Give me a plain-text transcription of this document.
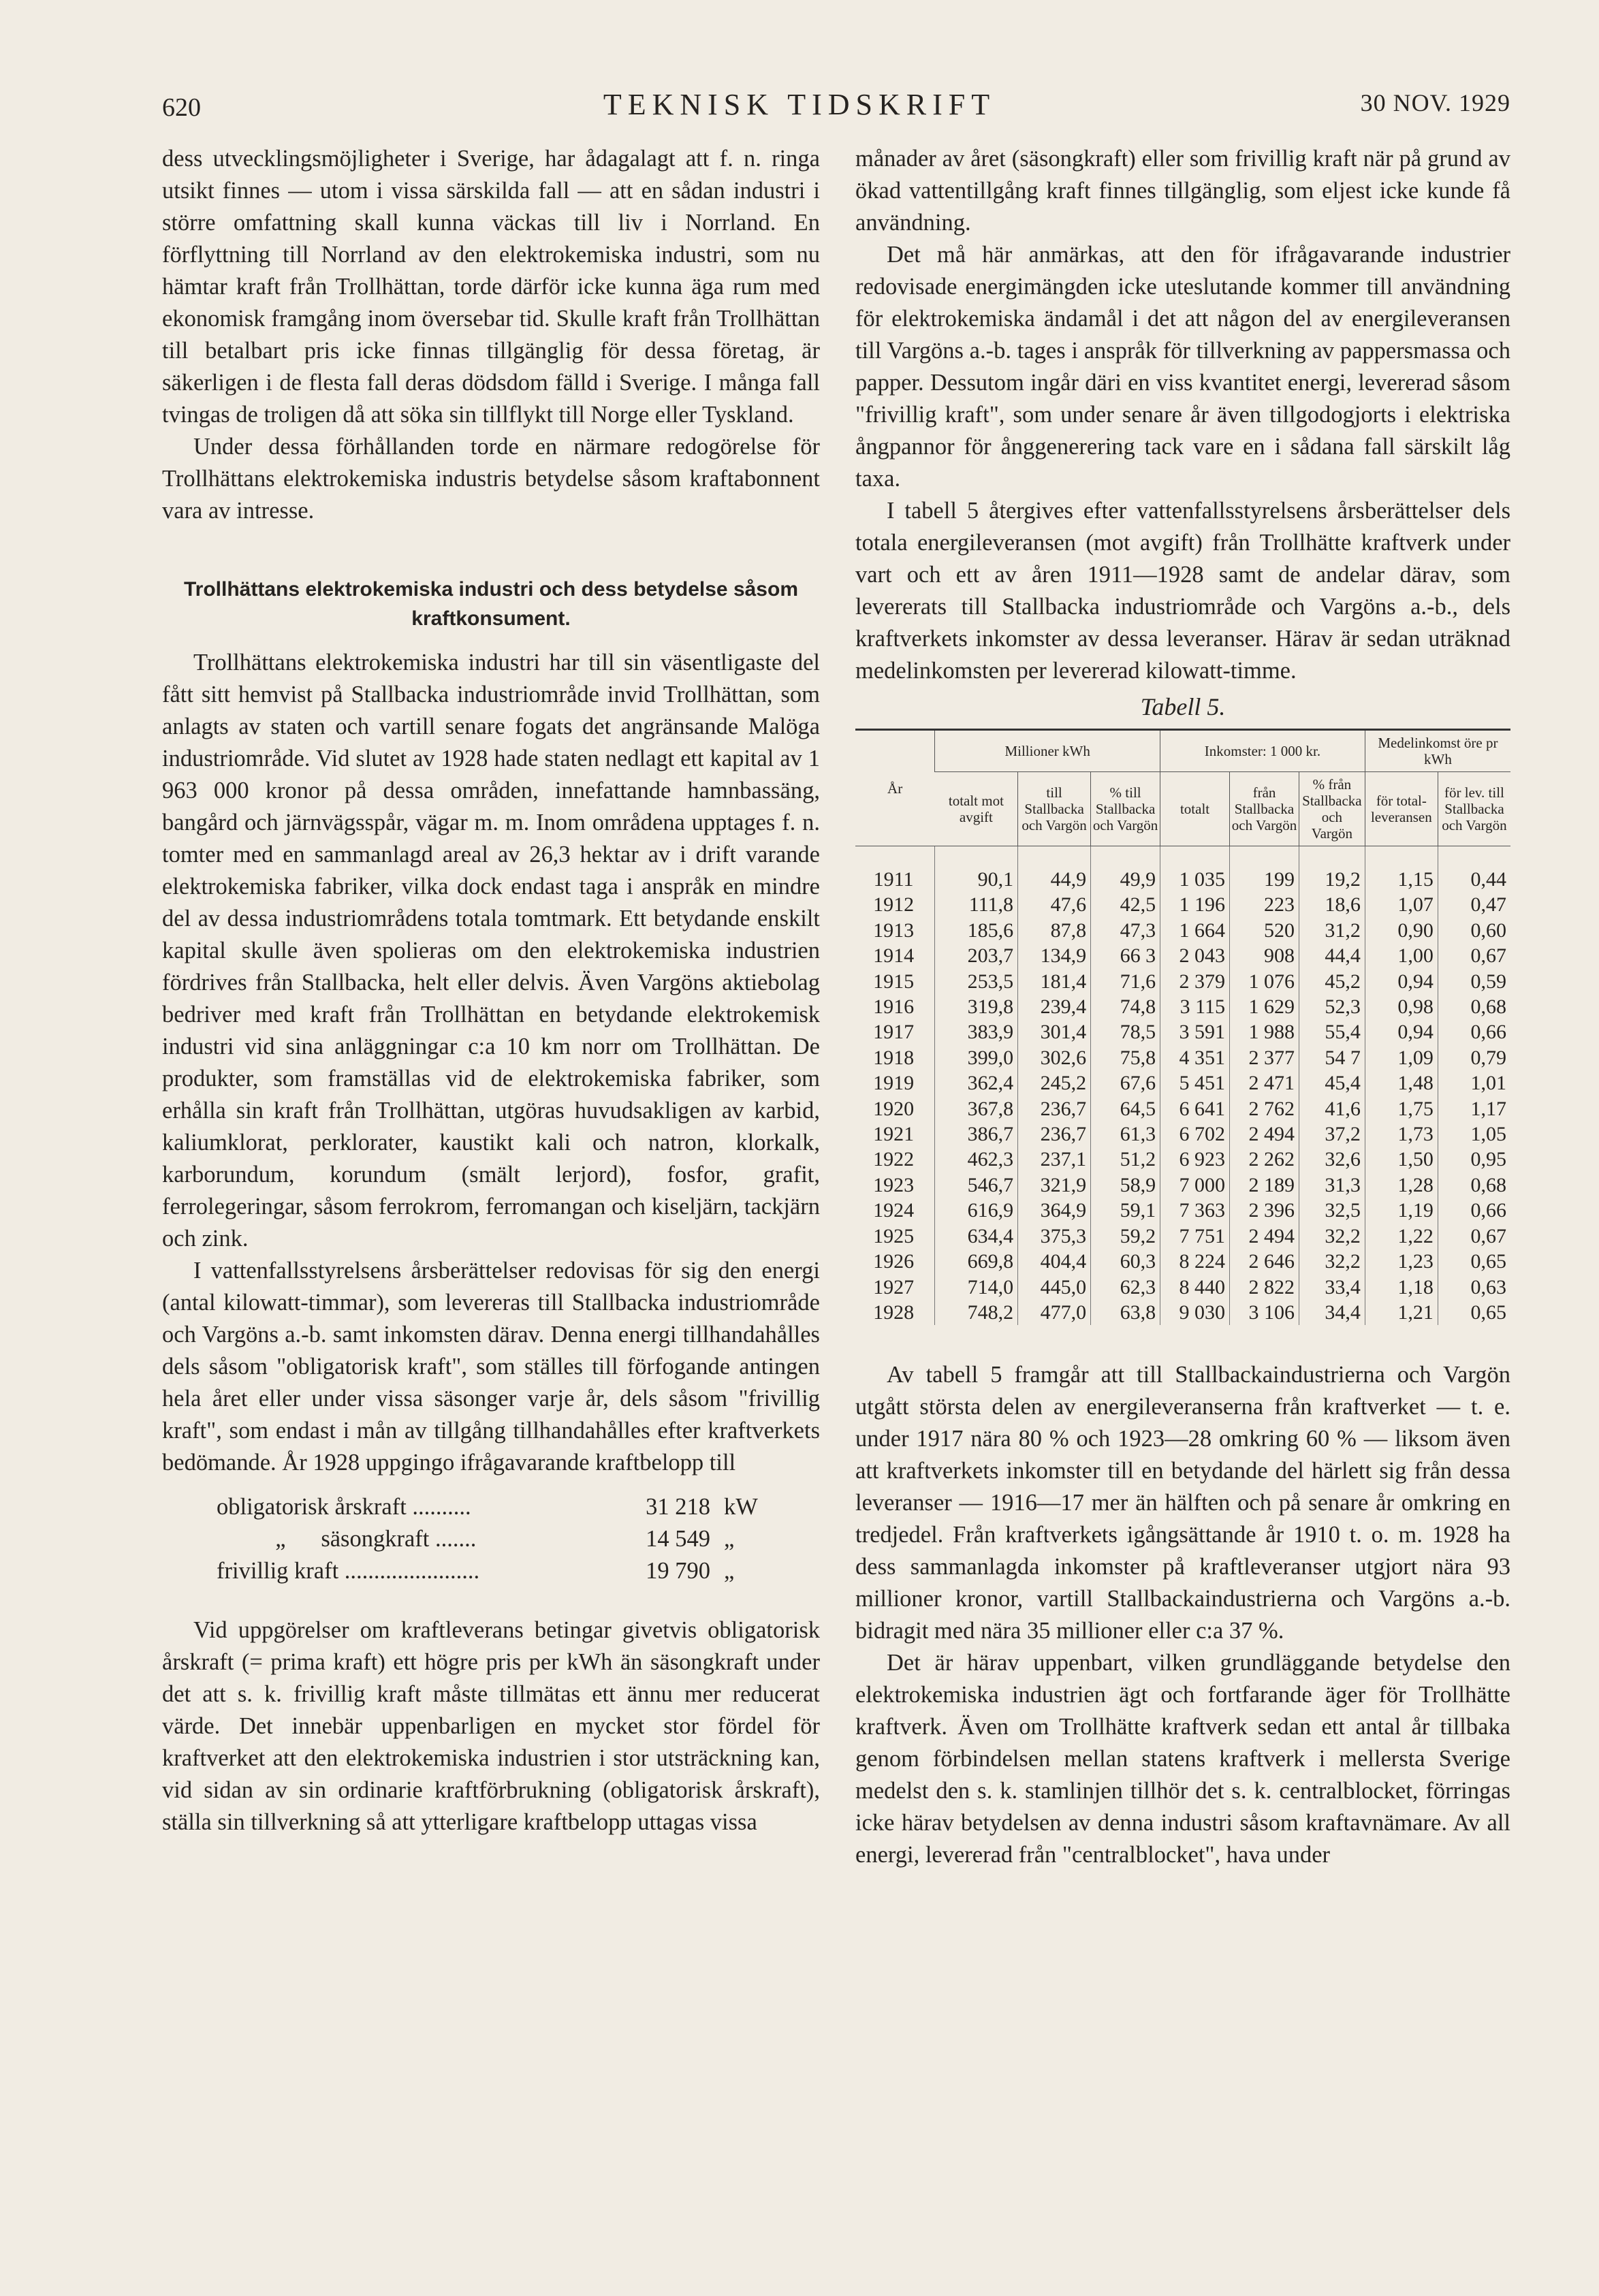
620	TEKNISK TIDSKRIFT	30 NOV. 1929

dess utvecklingsmöjligheter i Sverige, har ådagalagt att f. n. ringa utsikt finnes — utom i vissa särskilda fall — att en sådan industri i större omfattning skall kunna väckas till liv i Norrland. En förflyttning till Norrland av den elektrokemiska industri, som nu hämtar kraft från Trollhättan, torde därför icke kunna äga rum med ekonomisk framgång inom översebar tid. Skulle kraft från Trollhättan till betalbart pris icke finnas tillgänglig för dessa företag, är säkerligen i de flesta fall deras dödsdom fälld i Sverige. I många fall tvingas de troligen då att söka sin tillflykt till Norge eller Tyskland.

Under dessa förhållanden torde en närmare redogörelse för Trollhättans elektrokemiska industris betydelse såsom kraftabonnent vara av intresse.

Trollhättans elektrokemiska industri och dess betydelse såsom kraftkonsument.

Trollhättans elektrokemiska industri har till sin väsentligaste del fått sitt hemvist på Stallbacka industriområde invid Trollhättan, som anlagts av staten och vartill senare fogats det angränsande Malöga industriområde. Vid slutet av 1928 hade staten nedlagt ett kapital av 1 963 000 kronor på dessa områden, innefattande hamnbassäng, bangård och järnvägsspår, vägar m. m. Inom områdena upptages f. n. tomter med en sammanlagd areal av 26,3 hektar av i drift varande elektrokemiska fabriker, vilka dock endast taga i anspråk en mindre del av dessa industriområdens totala tomtmark. Ett betydande enskilt kapital skulle även spolieras om den elektrokemiska industrien fördrives från Stallbacka, helt eller delvis. Även Vargöns aktiebolag bedriver med kraft från Trollhättan en betydande elektrokemisk industri vid sina anläggningar c:a 10 km norr om Trollhättan. De produkter, som framställas vid de elektrokemiska fabriker, som erhålla sin kraft från Trollhättan, utgöras huvudsakligen av karbid, kaliumklorat, perklorater, kaustikt kali och natron, klorkalk, karborundum, korundum (smält lerjord), fosfor, grafit, ferrolegeringar, såsom ferrokrom, ferromangan och kiseljärn, tackjärn och zink.

I vattenfallsstyrelsens årsberättelser redovisas för sig den energi (antal kilowatt-timmar), som levereras till Stallbacka industriområde och Vargöns a.-b. samt inkomsten därav. Denna energi tillhandahålles dels såsom "obligatorisk kraft", som ställes till förfogande antingen hela året eller under vissa säsonger varje år, dels såsom "frivillig kraft", som endast i mån av tillgång tillhandahålles efter kraftverkets bedömande. År 1928 uppgingo ifrågavarande kraftbelopp till

obligatorisk årskraft ..........	31 218 kW
„      säsongkraft .......	14 549 „
frivillig kraft .......................	19 790 „

Vid uppgörelser om kraftleverans betingar givetvis obligatorisk årskraft (= prima kraft) ett högre pris per kWh än säsongkraft under det att s. k. frivillig kraft måste tillmätas ett ännu mer reducerat värde. Det innebär uppenbarligen en mycket stor fördel för kraftverket att den elektrokemiska industrien i stor utsträckning kan, vid sidan av sin ordinarie kraftförbrukning (obligatorisk årskraft), ställa sin tillverkning så att ytterligare kraftbelopp uttagas vissa

månader av året (säsongkraft) eller som frivillig kraft när på grund av ökad vattentillgång kraft finnes tillgänglig, som eljest icke kunde få användning.

Det må här anmärkas, att den för ifrågavarande industrier redovisade energimängden icke uteslutande kommer till användning för elektrokemiska ändamål i det att någon del av energileveransen till Vargöns a.-b. tages i anspråk för tillverkning av pappersmassa och papper. Dessutom ingår däri en viss kvantitet energi, levererad såsom "frivillig kraft", som under senare år även tillgodogjorts i elektriska ångpannor för ånggenerering tack vare en i sådana fall särskilt låg taxa.

I tabell 5 återgives efter vattenfallsstyrelsens årsberättelser dels totala energileveransen (mot avgift) från Trollhätte kraftverk under vart och ett av åren 1911—1928 samt de andelar därav, som levererats till Stallbacka industriområde och Vargöns a.-b., dels kraftverkets inkomster av dessa leveranser. Härav är sedan uträknad medelinkomsten per levererad kilowatt-timme.

Tabell 5.
År	Millioner kWh			Inkomster: 1 000 kr.			Medelinkomst öre pr kWh	
	totalt mot avgift	till Stallbacka och Vargön	% till Stallbacka och Vargön	totalt	från Stallbacka och Vargön	% från Stallbacka och Vargön	för total-leveransen	för lev. till Stallbacka och Vargön
1911	90,1	44,9	49,9	1 035	199	19,2	1,15	0,44
1912	111,8	47,6	42,5	1 196	223	18,6	1,07	0,47
1913	185,6	87,8	47,3	1 664	520	31,2	0,90	0,60
1914	203,7	134,9	66 3	2 043	908	44,4	1,00	0,67
1915	253,5	181,4	71,6	2 379	1 076	45,2	0,94	0,59
1916	319,8	239,4	74,8	3 115	1 629	52,3	0,98	0,68
1917	383,9	301,4	78,5	3 591	1 988	55,4	0,94	0,66
1918	399,0	302,6	75,8	4 351	2 377	54 7	1,09	0,79
1919	362,4	245,2	67,6	5 451	2 471	45,4	1,48	1,01
1920	367,8	236,7	64,5	6 641	2 762	41,6	1,75	1,17
1921	386,7	236,7	61,3	6 702	2 494	37,2	1,73	1,05
1922	462,3	237,1	51,2	6 923	2 262	32,6	1,50	0,95
1923	546,7	321,9	58,9	7 000	2 189	31,3	1,28	0,68
1924	616,9	364,9	59,1	7 363	2 396	32,5	1,19	0,66
1925	634,4	375,3	59,2	7 751	2 494	32,2	1,22	0,67
1926	669,8	404,4	60,3	8 224	2 646	32,2	1,23	0,65
1927	714,0	445,0	62,3	8 440	2 822	33,4	1,18	0,63
1928	748,2	477,0	63,8	9 030	3 106	34,4	1,21	0,65

Av tabell 5 framgår att till Stallbackaindustrierna och Vargön utgått största delen av energileveranserna från kraftverket — t. e. under 1917 nära 80 % och 1923—28 omkring 60 % — liksom även att kraftverkets inkomster till en betydande del härlett sig från dessa leveranser — 1916—17 mer än hälften och på senare år omkring en tredjedel. Från kraftverkets igångsättande år 1910 t. o. m. 1928 ha dess sammanlagda inkomster på kraftleveranser utgjort nära 93 millioner kronor, vartill Stallbackaindustrierna och Vargöns a.-b. bidragit med nära 35 millioner eller c:a 37 %.

Det är härav uppenbart, vilken grundläggande betydelse den elektrokemiska industrien ägt och fortfarande äger för Trollhätte kraftverk. Även om Trollhätte kraftverk sedan ett antal år tillbaka genom förbindelsen mellan statens kraftverk i mellersta Sverige medelst den s. k. stamlinjen tillhör det s. k. centralblocket, förringas icke härav betydelsen av denna industri såsom kraftavnämare. Av all energi, levererad från "centralblocket", hava under
